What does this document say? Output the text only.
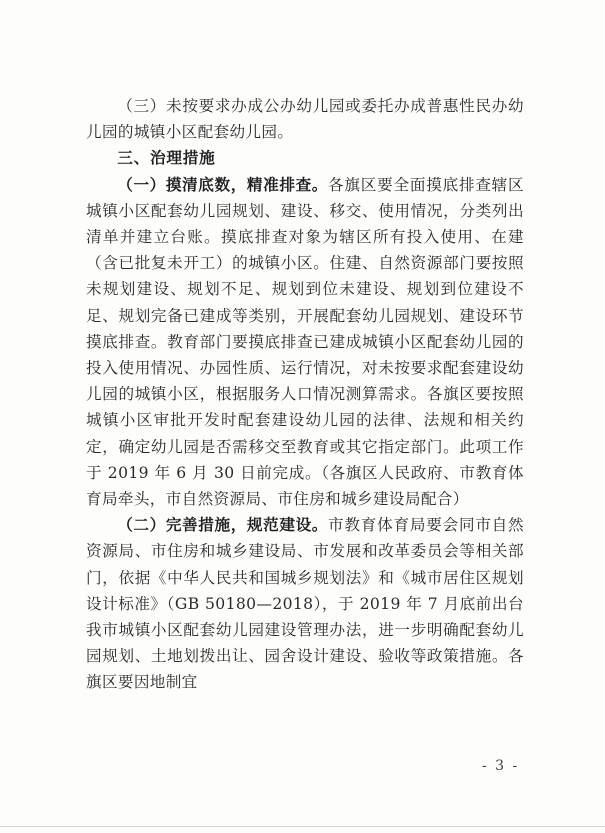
（三）未按要求办成公办幼儿园或委托办成普惠性民办幼儿园的城镇小区配套幼儿园。

三、治理措施

（一）摸清底数，精准排查。各旗区要全面摸底排查辖区城镇小区配套幼儿园规划、建设、移交、使用情况，分类列出清单并建立台账。摸底排查对象为辖区所有投入使用、在建（含已批复未开工）的城镇小区。住建、自然资源部门要按照未规划建设、规划不足、规划到位未建设、规划到位建设不足、规划完备已建成等类别，开展配套幼儿园规划、建设环节摸底排查。教育部门要摸底排查已建成城镇小区配套幼儿园的投入使用情况、办园性质、运行情况，对未按要求配套建设幼儿园的城镇小区，根据服务人口情况测算需求。各旗区要按照城镇小区审批开发时配套建设幼儿园的法律、法规和相关约定，确定幼儿园是否需移交至教育或其它指定部门。此项工作于 2019 年 6 月 30 日前完成。（各旗区人民政府、市教育体育局牵头，市自然资源局、市住房和城乡建设局配合）

（二）完善措施，规范建设。市教育体育局要会同市自然资源局、市住房和城乡建设局、市发展和改革委员会等相关部门，依据《中华人民共和国城乡规划法》和《城市居住区规划设计标准》（GB 50180—2018），于 2019 年 7 月底前出台我市城镇小区配套幼儿园建设管理办法，进一步明确配套幼儿园规划、土地划拨出让、园舍设计建设、验收等政策措施。各旗区要因地制宜

- 3 -
